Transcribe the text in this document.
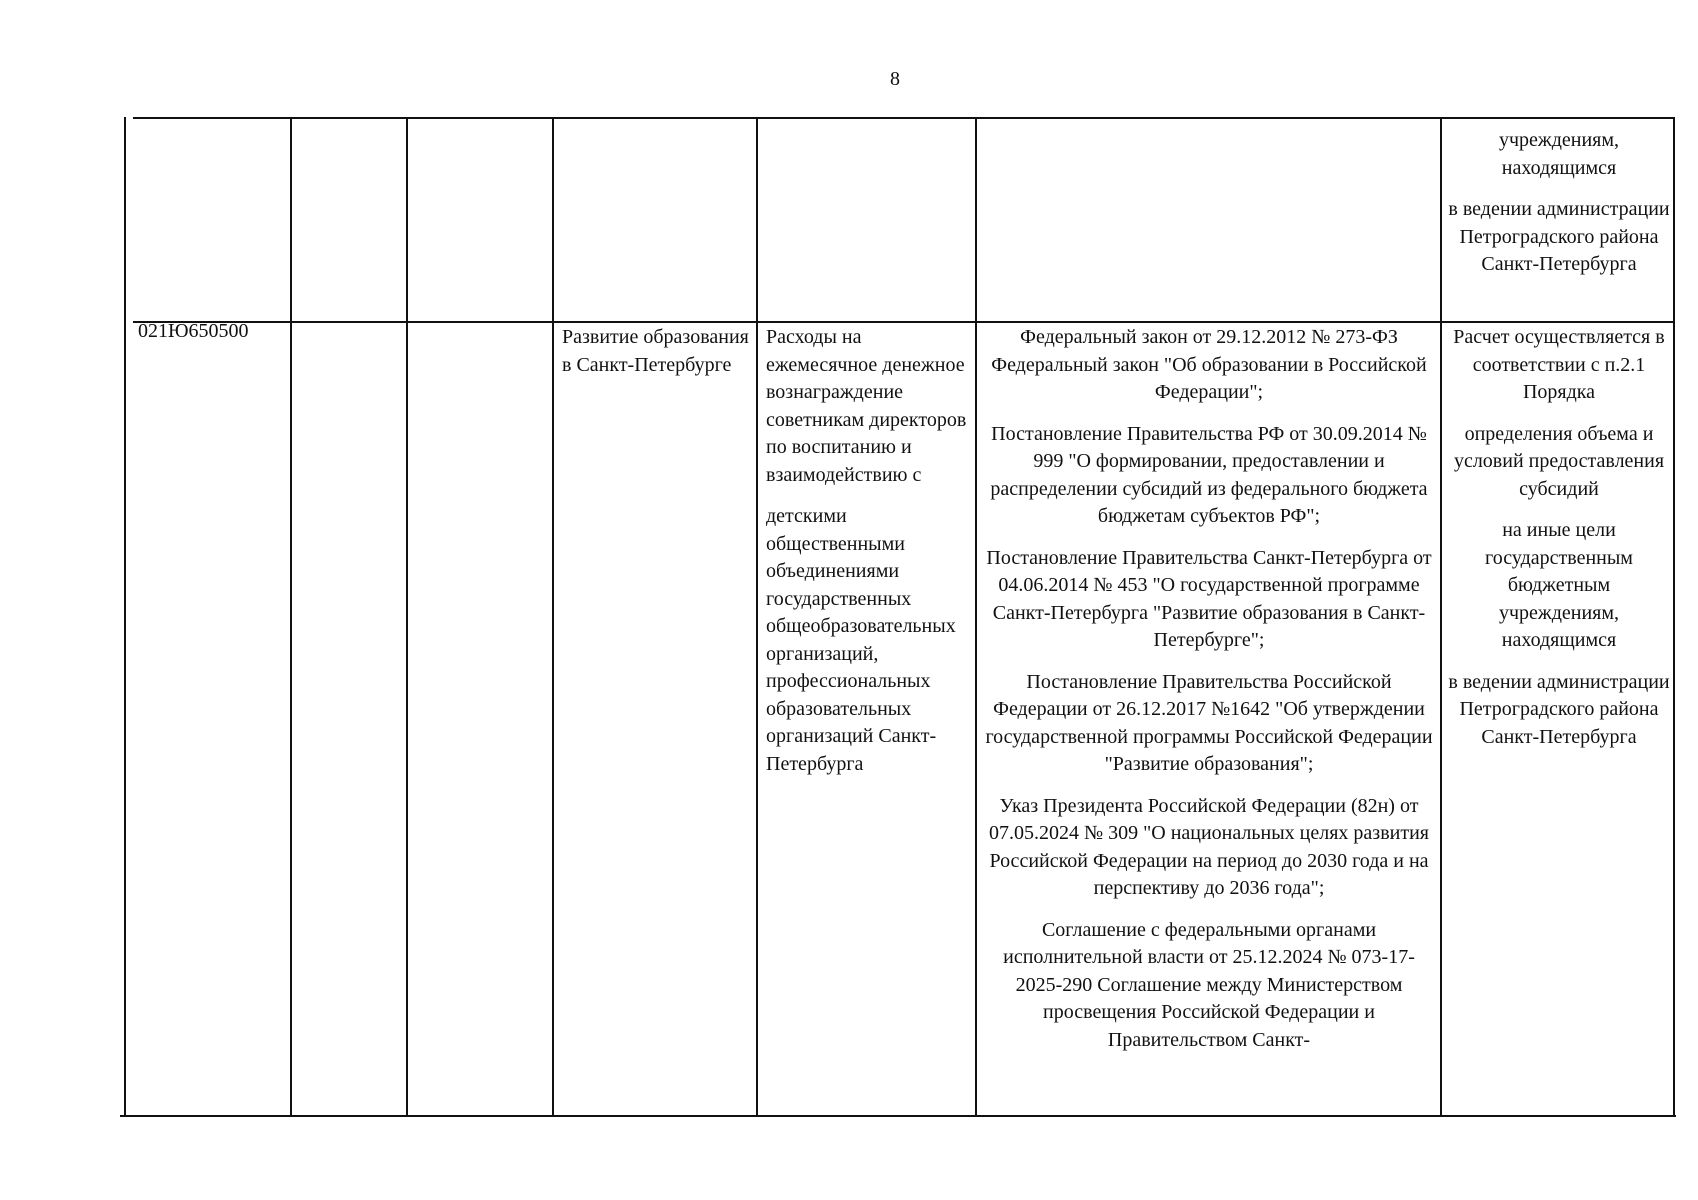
8

учреждениям, находящимся

в ведении администрации Петроградского района Санкт-Петербурга

021Ю650500	Развитие образования в Санкт-Петербурге

Расходы на ежемесячное денежное вознаграждение советникам директоров по воспитанию и взаимодействию с

детскими общественными объединениями государственных общеобразовательных организаций, профессиональных образовательных организаций Санкт-Петербурга

Федеральный закон от 29.12.2012 № 273-ФЗ Федеральный закон "Об образовании в Российской Федерации";

Постановление Правительства РФ от 30.09.2014 № 999 "О формировании, предоставлении и распределении субсидий из федерального бюджета бюджетам субъектов РФ";

Постановление Правительства Санкт-Петербурга от 04.06.2014 № 453 "О государственной программе Санкт-Петербурга "Развитие образования в Санкт-Петербурге";

Постановление Правительства Российской Федерации от 26.12.2017 №1642 "Об утверждении государственной программы Российской Федерации "Развитие образования";

Указ Президента Российской Федерации (82н) от 07.05.2024 № 309 "О национальных целях развития Российской Федерации на период до 2030 года и на перспективу до 2036 года";

Соглашение с федеральными органами исполнительной власти от 25.12.2024 № 073-17-2025-290 Соглашение между Министерством просвещения Российской Федерации и Правительством Санкт-

Расчет осуществляется в соответствии с п.2.1 Порядка

определения объема и условий предоставления субсидий

на иные цели государственным бюджетным учреждениям, находящимся

в ведении администрации Петроградского района Санкт-Петербурга
